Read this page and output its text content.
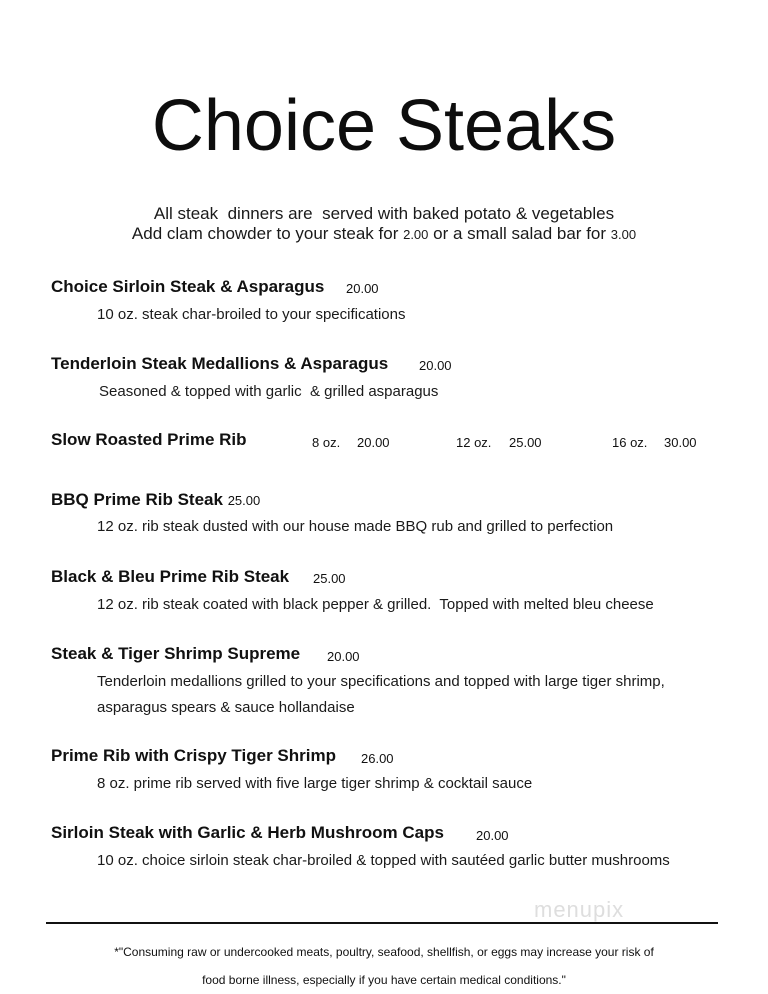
Choice Steaks
All steak  dinners are  served with baked potato & vegetables
Add clam chowder to your steak for 2.00 or a small salad bar for 3.00
Choice Sirloin Steak & Asparagus 20.00
10 oz. steak char-broiled to your specifications
Tenderloin Steak Medallions & Asparagus 20.00
Seasoned & topped with garlic  & grilled asparagus
Slow Roasted Prime Rib	8 oz. 20.00	12 oz. 25.00	16 oz. 30.00
BBQ Prime Rib Steak 25.00
12 oz. rib steak dusted with our house made BBQ rub and grilled to perfection
Black & Bleu Prime Rib Steak 25.00
12 oz. rib steak coated with black pepper & grilled.  Topped with melted bleu cheese
Steak & Tiger Shrimp Supreme 20.00
Tenderloin medallions grilled to your specifications and topped with large tiger shrimp,
asparagus spears & sauce hollandaise
Prime Rib with Crispy Tiger Shrimp 26.00
8 oz. prime rib served with five large tiger shrimp & cocktail sauce
Sirloin Steak with Garlic & Herb Mushroom Caps 20.00
10 oz. choice sirloin steak char-broiled & topped with sautéed garlic butter mushrooms
menupix
*"Consuming raw or undercooked meats, poultry, seafood, shellfish, or eggs may increase your risk of
food borne illness, especially if you have certain medical conditions."
